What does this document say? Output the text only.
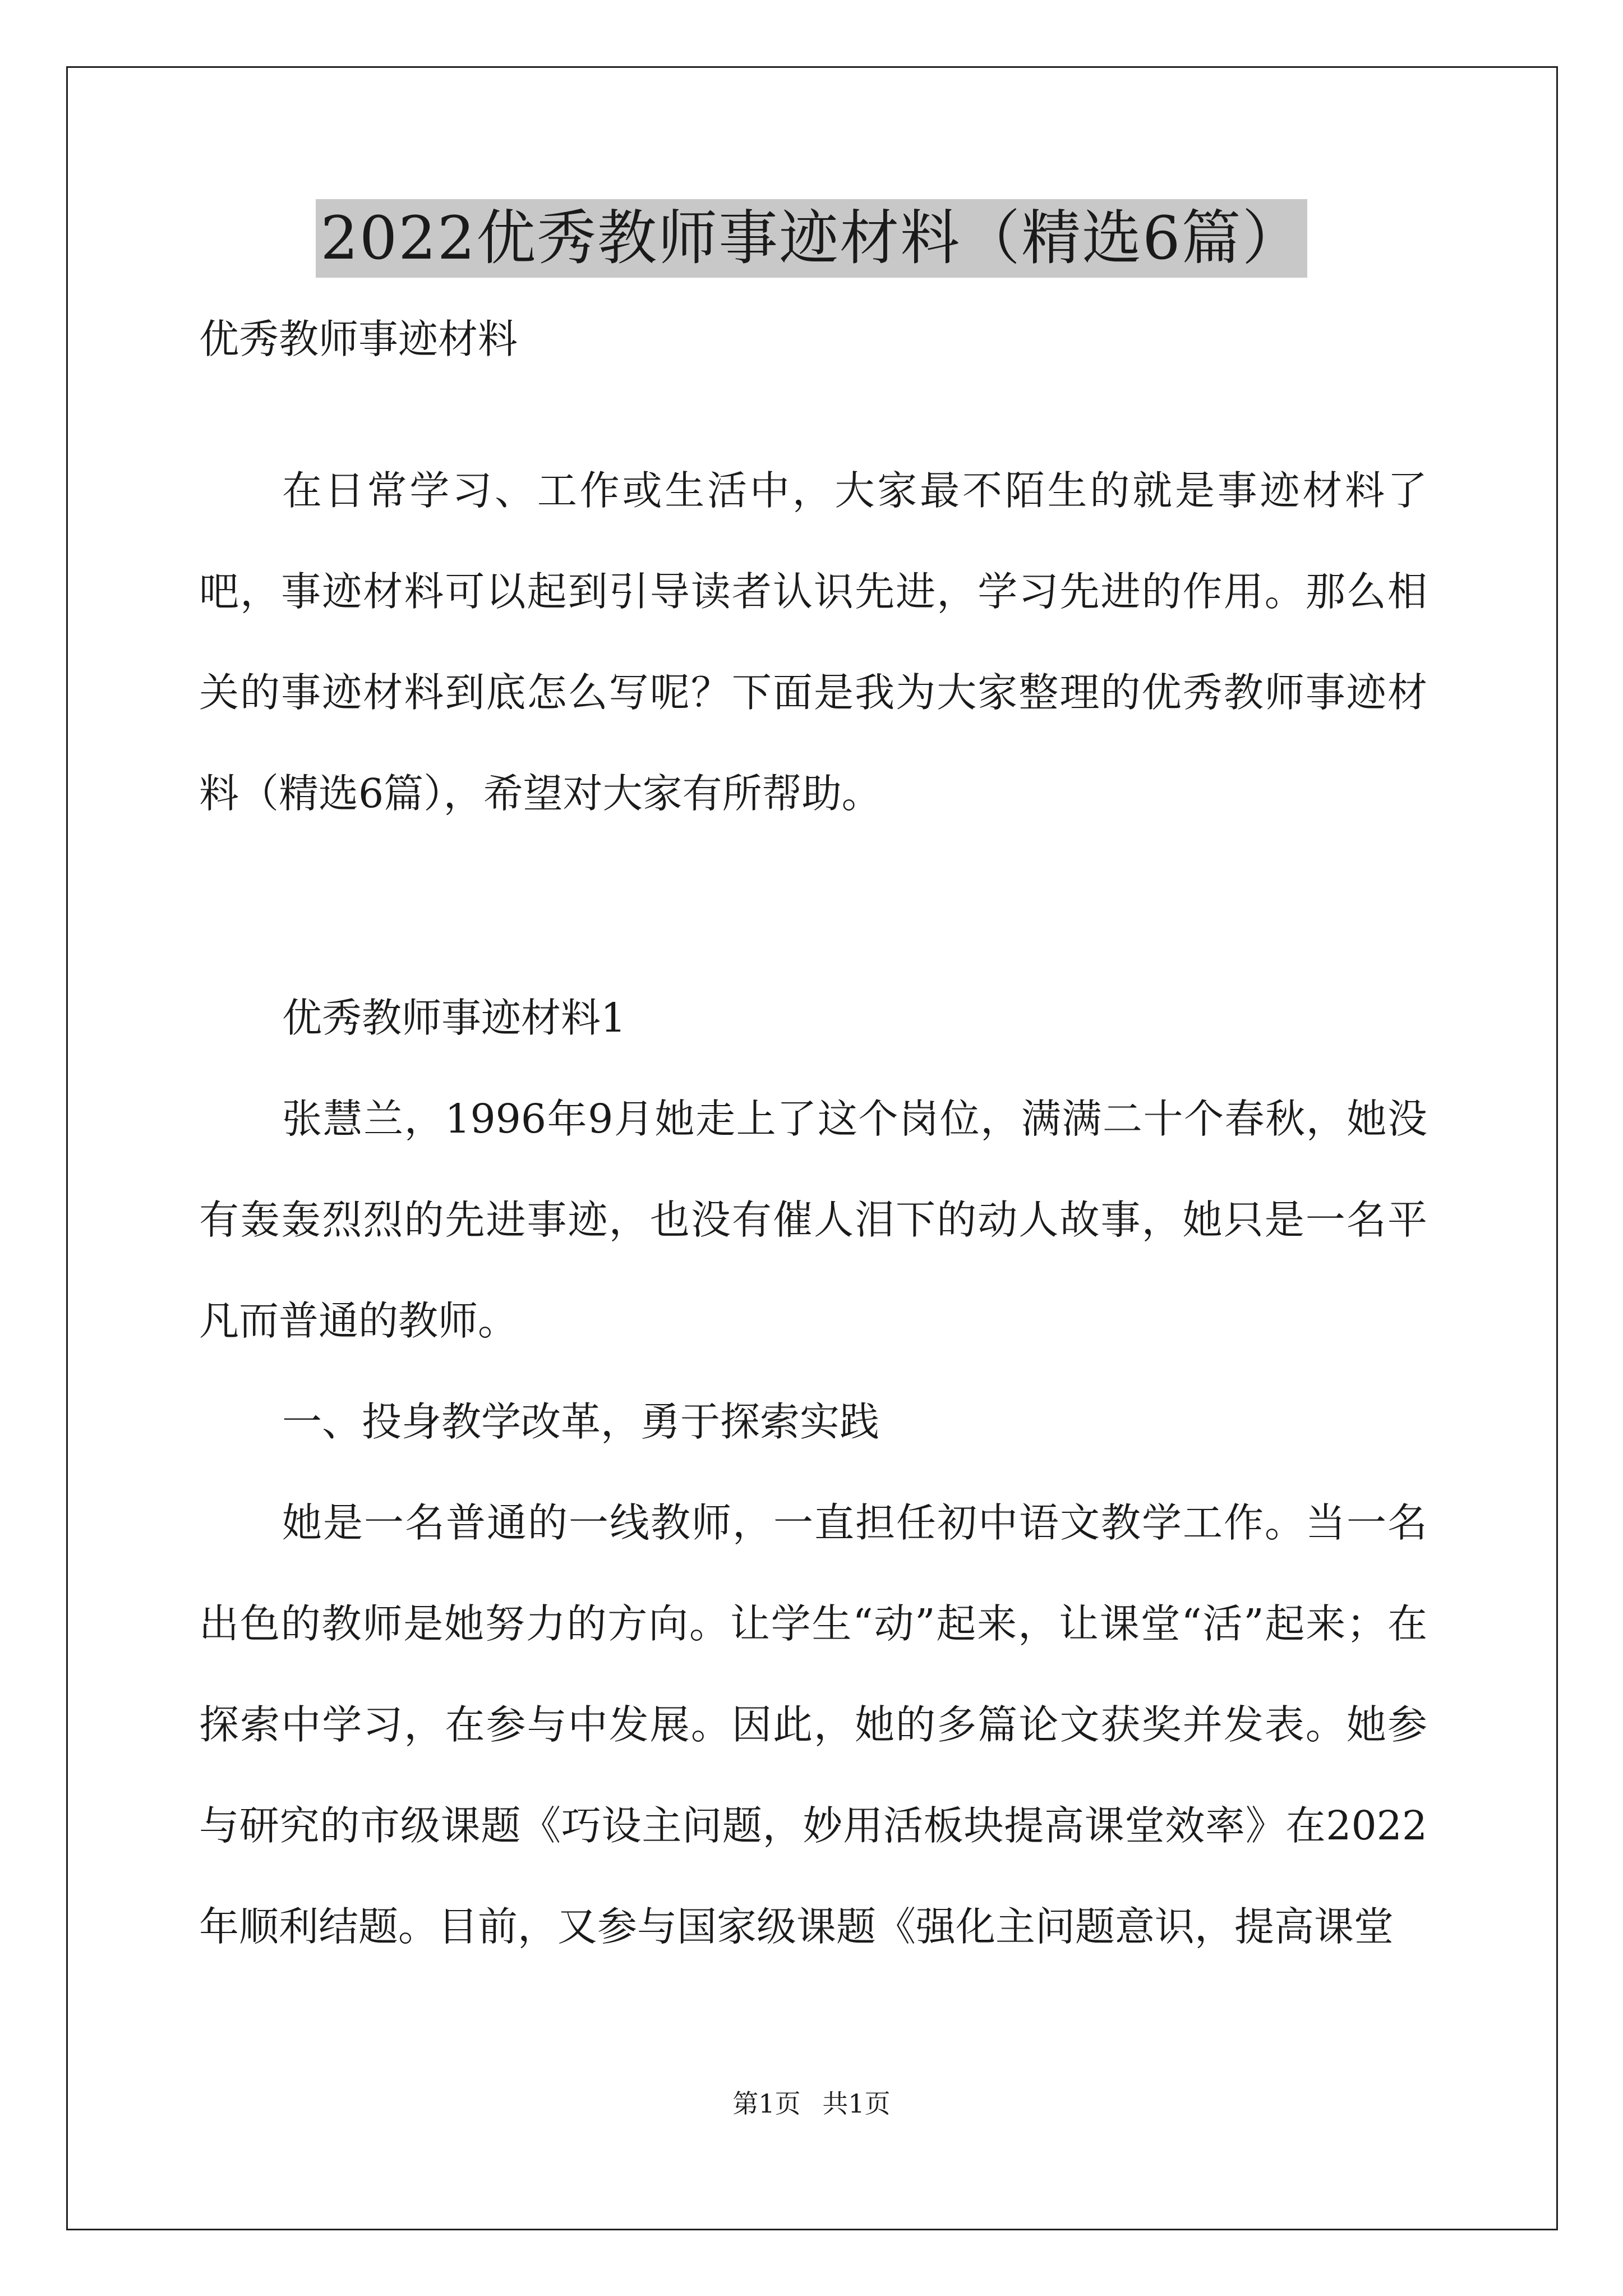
2022优秀教师事迹材料（精选6篇）
优秀教师事迹材料

在日常学习、工作或生活中，大家最不陌生的就是事迹材料了吧，事迹材料可以起到引导读者认识先进，学习先进的作用。那么相关的事迹材料到底怎么写呢？下面是我为大家整理的优秀教师事迹材料（精选6篇），希望对大家有所帮助。

优秀教师事迹材料1

张慧兰，1996年9月她走上了这个岗位，满满二十个春秋，她没有轰轰烈烈的先进事迹，也没有催人泪下的动人故事，她只是一名平凡而普通的教师。

一、投身教学改革，勇于探索实践

她是一名普通的一线教师，一直担任初中语文教学工作。当一名出色的教师是她努力的方向。让学生“动”起来，让课堂“活”起来；在探索中学习，在参与中发展。因此，她的多篇论文获奖并发表。她参与研究的市级课题《巧设主问题，妙用活板块提高课堂效率》在2022年顺利结题。目前，又参与国家级课题《强化主问题意识，提高课堂

第1页 共1页
